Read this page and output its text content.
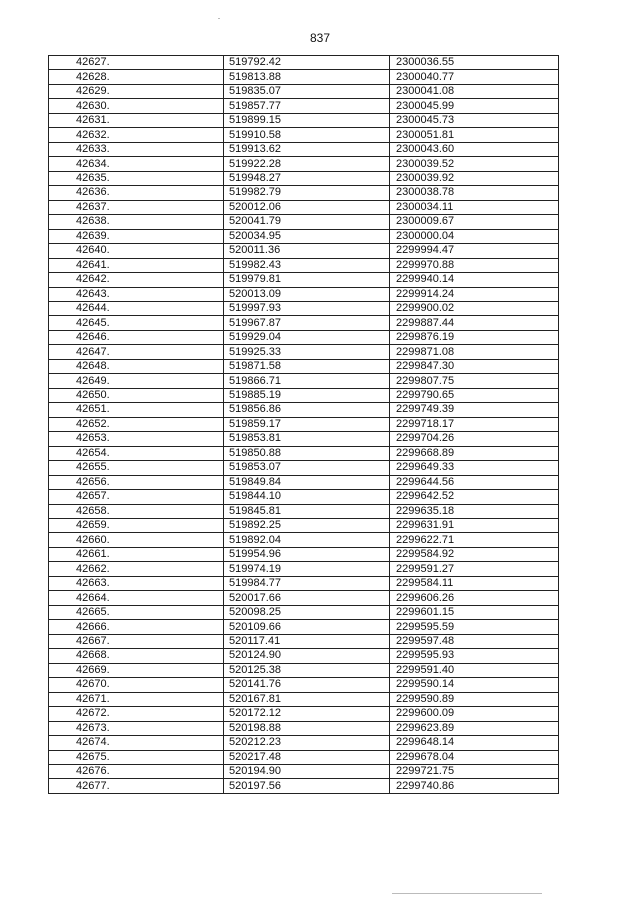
837
42627.	519792.42	2300036.55
42628.	519813.88	2300040.77
42629.	519835.07	2300041.08
42630.	519857.77	2300045.99
42631.	519899.15	2300045.73
42632.	519910.58	2300051.81
42633.	519913.62	2300043.60
42634.	519922.28	2300039.52
42635.	519948.27	2300039.92
42636.	519982.79	2300038.78
42637.	520012.06	2300034.11
42638.	520041.79	2300009.67
42639.	520034.95	2300000.04
42640.	520011.36	2299994.47
42641.	519982.43	2299970.88
42642.	519979.81	2299940.14
42643.	520013.09	2299914.24
42644.	519997.93	2299900.02
42645.	519967.87	2299887.44
42646.	519929.04	2299876.19
42647.	519925.33	2299871.08
42648.	519871.58	2299847.30
42649.	519866.71	2299807.75
42650.	519885.19	2299790.65
42651.	519856.86	2299749.39
42652.	519859.17	2299718.17
42653.	519853.81	2299704.26
42654.	519850.88	2299668.89
42655.	519853.07	2299649.33
42656.	519849.84	2299644.56
42657.	519844.10	2299642.52
42658.	519845.81	2299635.18
42659.	519892.25	2299631.91
42660.	519892.04	2299622.71
42661.	519954.96	2299584.92
42662.	519974.19	2299591.27
42663.	519984.77	2299584.11
42664.	520017.66	2299606.26
42665.	520098.25	2299601.15
42666.	520109.66	2299595.59
42667.	520117.41	2299597.48
42668.	520124.90	2299595.93
42669.	520125.38	2299591.40
42670.	520141.76	2299590.14
42671.	520167.81	2299590.89
42672.	520172.12	2299600.09
42673.	520198.88	2299623.89
42674.	520212.23	2299648.14
42675.	520217.48	2299678.04
42676.	520194.90	2299721.75
42677.	520197.56	2299740.86
